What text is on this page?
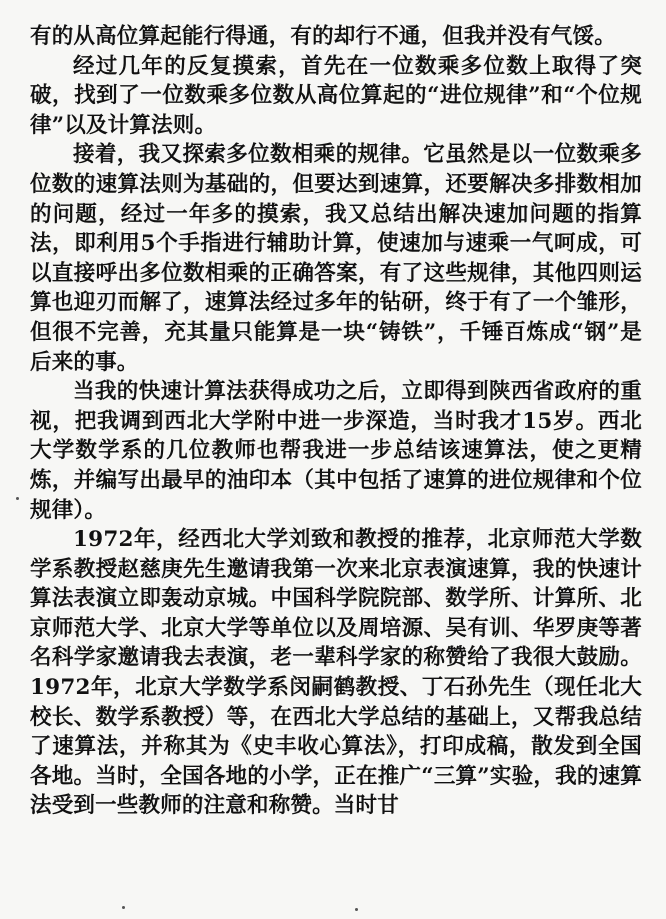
有的从高位算起能行得通，有的却行不通，但我并没有气馁。

经过几年的反复摸索，首先在一位数乘多位数上取得了突破，找到了一位数乘多位数从高位算起的“进位规律”和“个位规律”以及计算法则。

接着，我又探索多位数相乘的规律。它虽然是以一位数乘多位数的速算法则为基础的，但要达到速算，还要解决多排数相加的问题，经过一年多的摸索，我又总结出解决速加问题的指算法，即利用5个手指进行辅助计算，使速加与速乘一气呵成，可以直接呼出多位数相乘的正确答案，有了这些规律，其他四则运算也迎刃而解了，速算法经过多年的钻研，终于有了一个雏形，但很不完善，充其量只能算是一块“铸铁”，千锤百炼成“钢”是后来的事。

当我的快速计算法获得成功之后，立即得到陕西省政府的重视，把我调到西北大学附中进一步深造，当时我才15岁。西北大学数学系的几位教师也帮我进一步总结该速算法，使之更精炼，并编写出最早的油印本（其中包括了速算的进位规律和个位规律）。

1972年，经西北大学刘致和教授的推荐，北京师范大学数学系教授赵慈庚先生邀请我第一次来北京表演速算，我的快速计算法表演立即轰动京城。中国科学院院部、数学所、计算所、北京师范大学、北京大学等单位以及周培源、吴有训、华罗庚等著名科学家邀请我去表演，老一辈科学家的称赞给了我很大鼓励。1972年，北京大学数学系闵嗣鹤教授、丁石孙先生（现任北大校长、数学系教授）等，在西北大学总结的基础上，又帮我总结了速算法，并称其为《史丰收心算法》，打印成稿，散发到全国各地。当时，全国各地的小学，正在推广“三算”实验，我的速算法受到一些教师的注意和称赞。当时甘
